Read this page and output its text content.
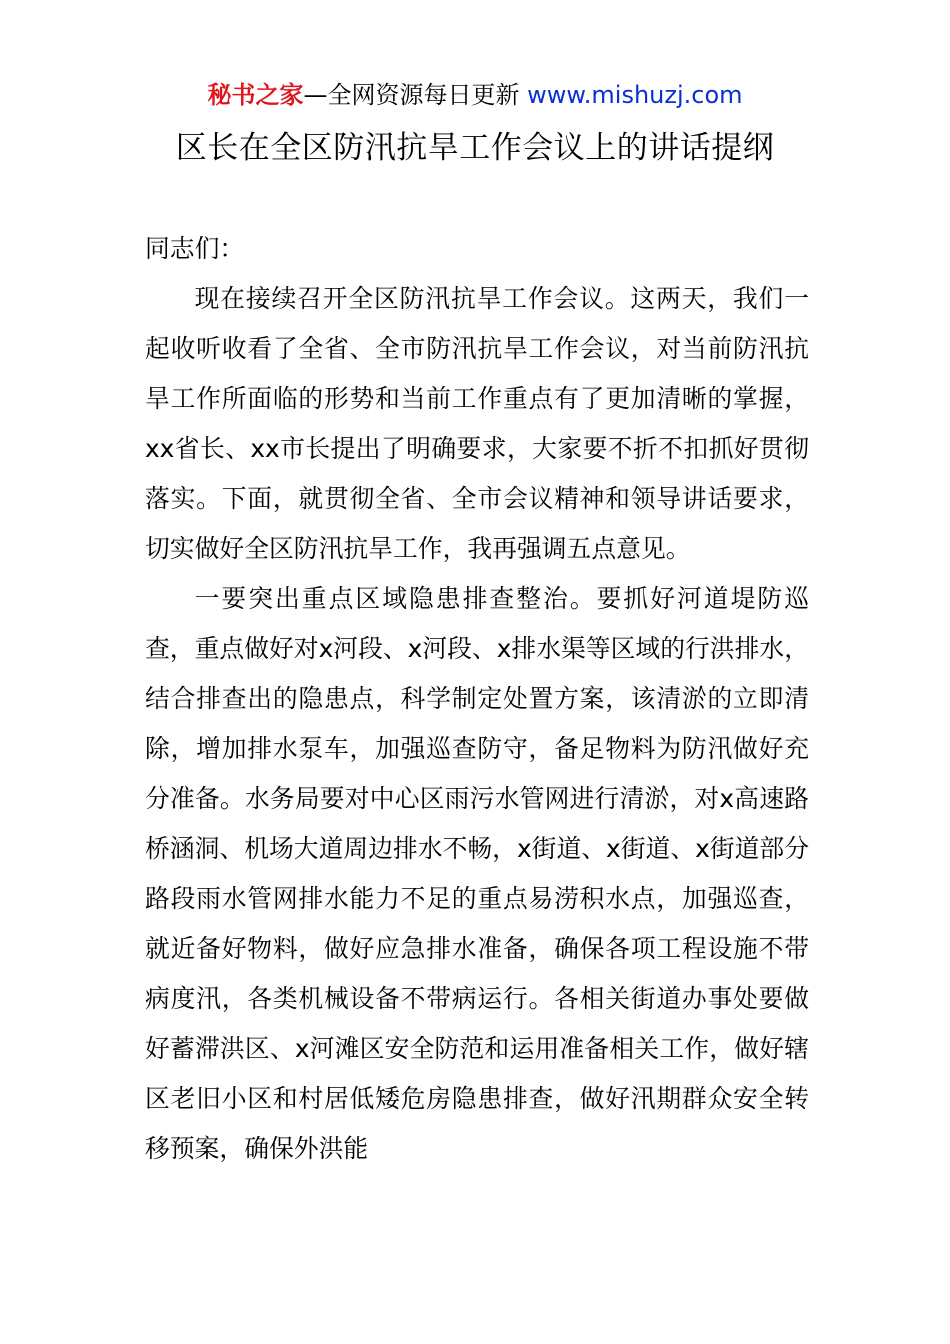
秘书之家—全网资源每日更新 www.mishuzj.com
区长在全区防汛抗旱工作会议上的讲话提纲

同志们：

现在接续召开全区防汛抗旱工作会议。这两天，我们一起收听收看了全省、全市防汛抗旱工作会议，对当前防汛抗旱工作所面临的形势和当前工作重点有了更加清晰的掌握，xx省长、xx市长提出了明确要求，大家要不折不扣抓好贯彻落实。下面，就贯彻全省、全市会议精神和领导讲话要求，切实做好全区防汛抗旱工作，我再强调五点意见。

一要突出重点区域隐患排查整治。要抓好河道堤防巡查，重点做好对x河段、x河段、x排水渠等区域的行洪排水，结合排查出的隐患点，科学制定处置方案，该清淤的立即清除，增加排水泵车，加强巡查防守，备足物料为防汛做好充分准备。水务局要对中心区雨污水管网进行清淤，对x高速路桥涵洞、机场大道周边排水不畅，x街道、x街道、x街道部分路段雨水管网排水能力不足的重点易涝积水点，加强巡查，就近备好物料，做好应急排水准备，确保各项工程设施不带病度汛，各类机械设备不带病运行。各相关街道办事处要做好蓄滞洪区、x河滩区安全防范和运用准备相关工作，做好辖区老旧小区和村居低矮危房隐患排查，做好汛期群众安全转移预案，确保外洪能
